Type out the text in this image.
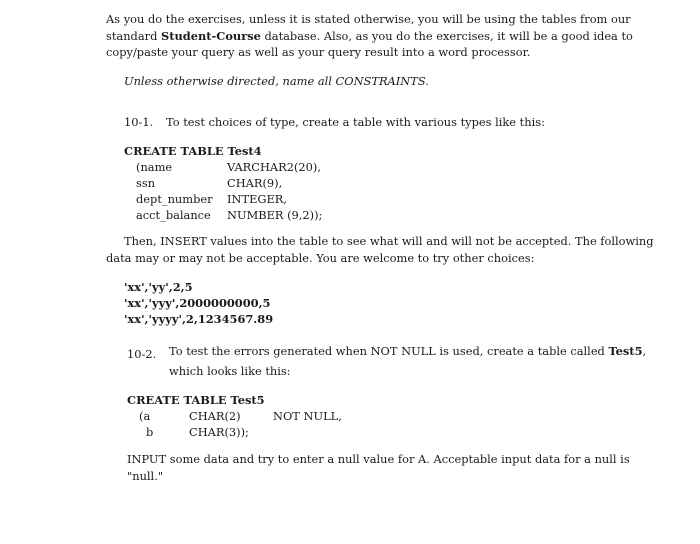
As you do the exercises, unless it is stated otherwise, you will be using the tables from our standard Student-Course database. Also, as you do the exercises, it will be a good idea to copy/paste your query as well as your query result into a word processor.

Unless otherwise directed, name all CONSTRAINTS.

10-1. To test choices of type, create a table with various types like this:
CREATE TABLE Test4
(name	VARCHAR2(20),
ssn	CHAR(9),
dept_number INTEGER,
acct_balance NUMBER (9,2));

Then, INSERT values into the table to see what will and will not be accepted. The following data may or may not be acceptable. You are welcome to try other choices:

'xx','yy',2,5
'xx','yyy',2000000000,5
'xx','yyyy',2,1234567.89
10-2. To test the errors generated when NOT NULL is used, create a table called Test5, which looks like this:
CREATE TABLE Test5
(a	CHAR(2)	NOT NULL,
b	CHAR(3));

INPUT some data and try to enter a null value for A. Acceptable input data for a null is "null."
